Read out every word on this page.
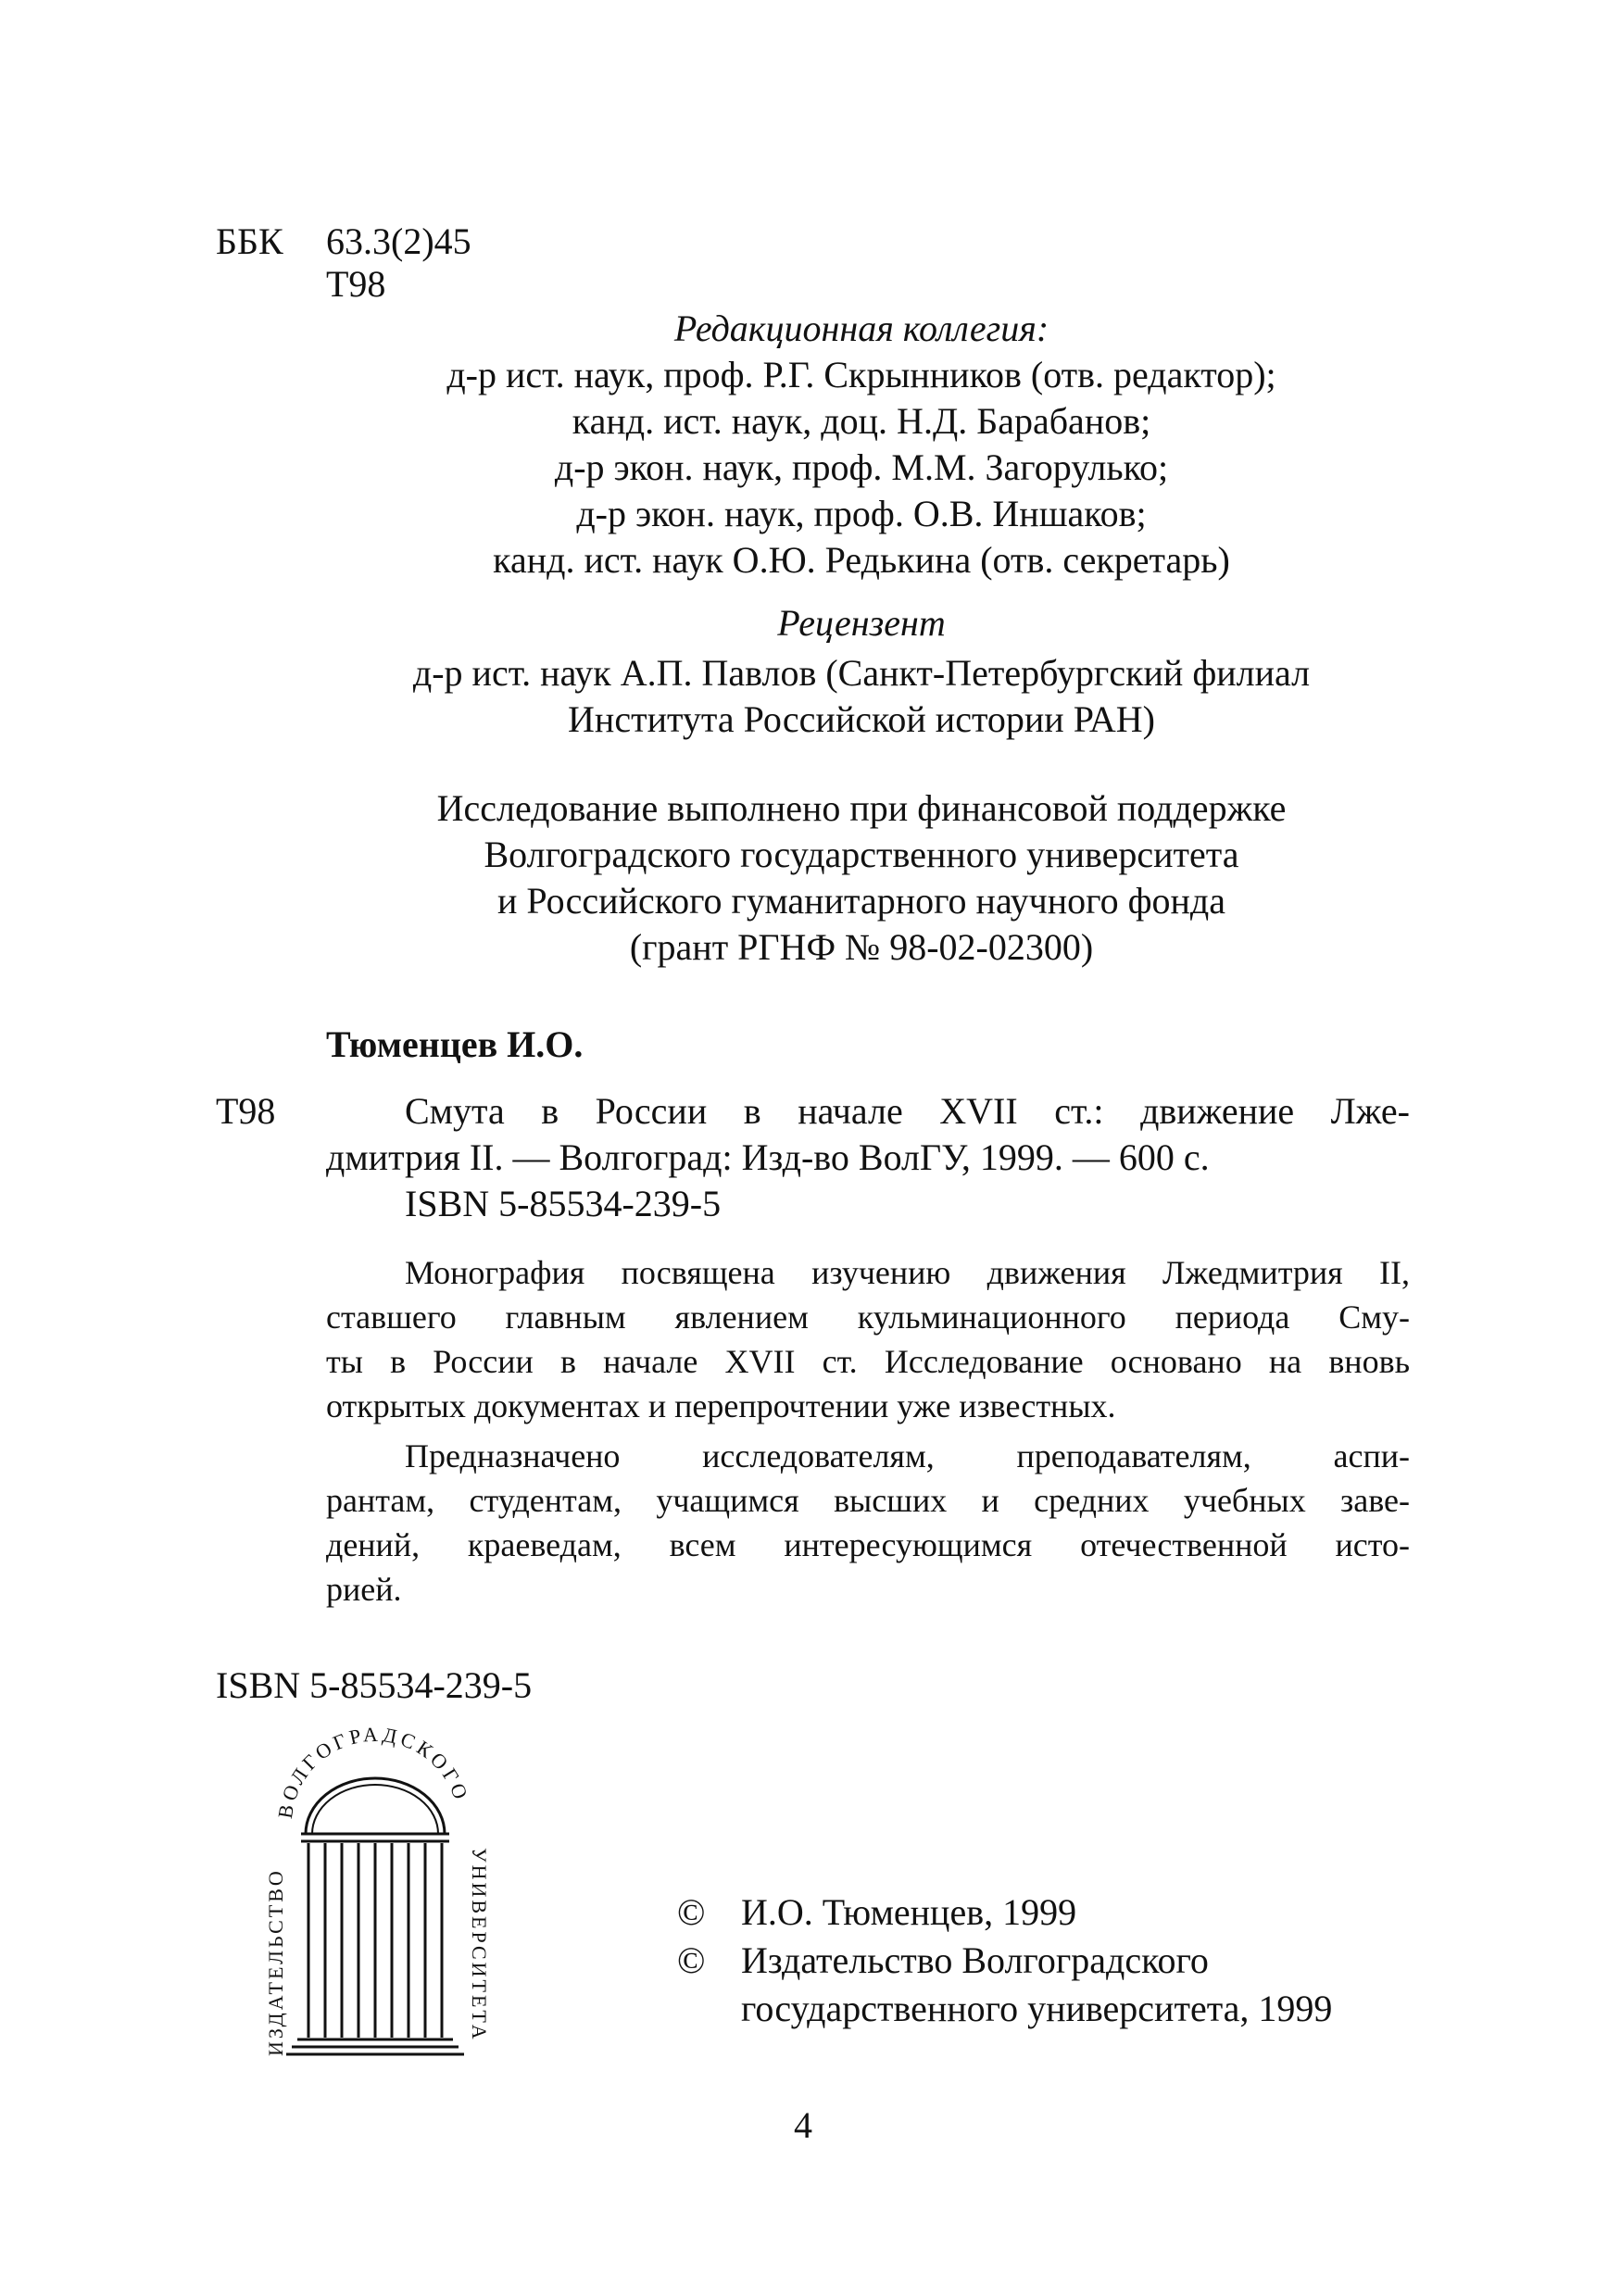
ББК 63.3(2)45
Т98
Редакционная коллегия:
д-р ист. наук, проф. Р.Г. Скрынников (отв. редактор);
канд. ист. наук, доц. Н.Д. Барабанов;
д-р экон. наук, проф. М.М. Загорулько;
д-р экон. наук, проф. О.В. Иншаков;
канд. ист. наук О.Ю. Редькина (отв. секретарь)
Рецензент
д-р ист. наук А.П. Павлов (Санкт-Петербургский филиал
Института Российской истории РАН)
Исследование выполнено при финансовой поддержке
Волгоградского государственного университета
и Российского гуманитарного научного фонда
(грант РГНФ № 98-02-02300)
Тюменцев И.О.
Т98	Смута в России в начале XVII ст.: движение Лже-
дмитрия II. — Волгоград: Изд-во ВолГУ, 1999. — 600 с.
ISBN 5-85534-239-5
Монография посвящена изучению движения Лжедмитрия II,
ставшего главным явлением кульминационного периода Сму-
ты в России в начале XVII ст. Исследование основано на вновь
открытых документах и перепрочтении уже известных.
Предназначено исследователям, преподавателям, аспи-
рантам, студентам, учащимся высших и средних учебных заве-
дений, краеведам, всем интересующимся отечественной исто-
рией.
ISBN 5-85534-239-5
ВОЛГОГРАДСКОГО
ИЗДАТЕЛЬСТВО	УНИВЕРСИТЕТА	© И.О. Тюменцев, 1999
© Издательство Волгоградского
государственного университета, 1999
4
